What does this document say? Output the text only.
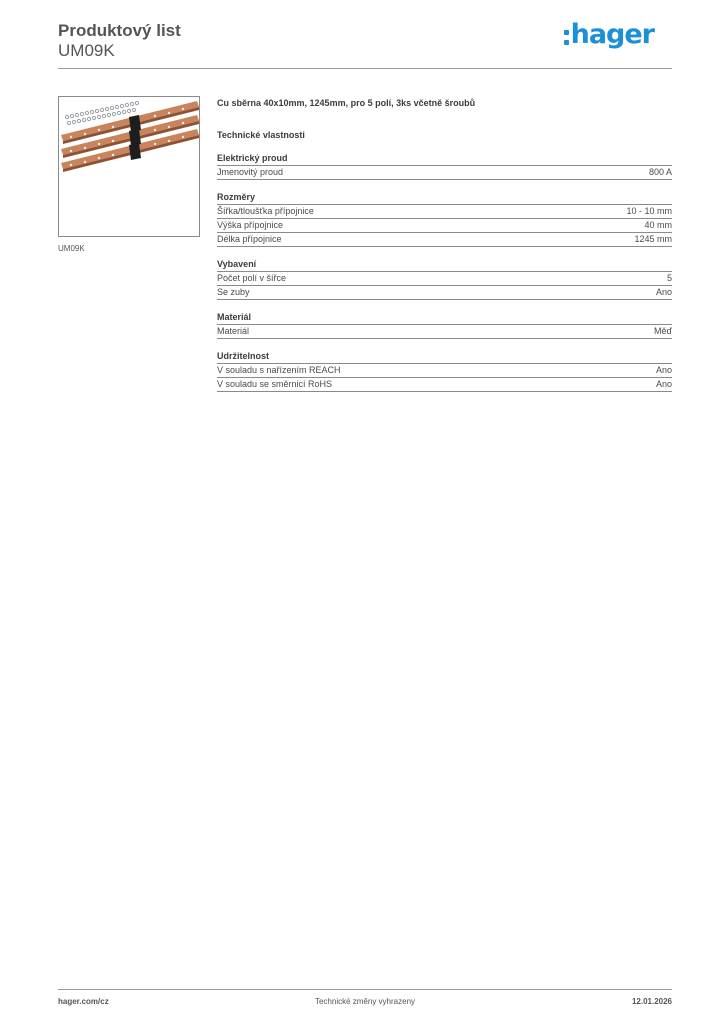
Produktový list
UM09K
hager
UM09K
Cu sběrna 40x10mm, 1245mm, pro 5 polí, 3ks včetně šroubů
Technické vlastnosti
Elektrický proud
Jmenovitý proud	800 A
Rozměry
Šířka/tloušťka přípojnice	10 - 10 mm
Výška přípojnice	40 mm
Délka přípojnice	1245 mm
Vybavení
Počet polí v šířce	5
Se zuby	Ano
Materiál
Materiál	Měď
Udržitelnost
V souladu s nařízením REACH	Ano
V souladu se směrnicí RoHS	Ano
hager.com/cz	Technické změny vyhrazeny	12.01.2026
